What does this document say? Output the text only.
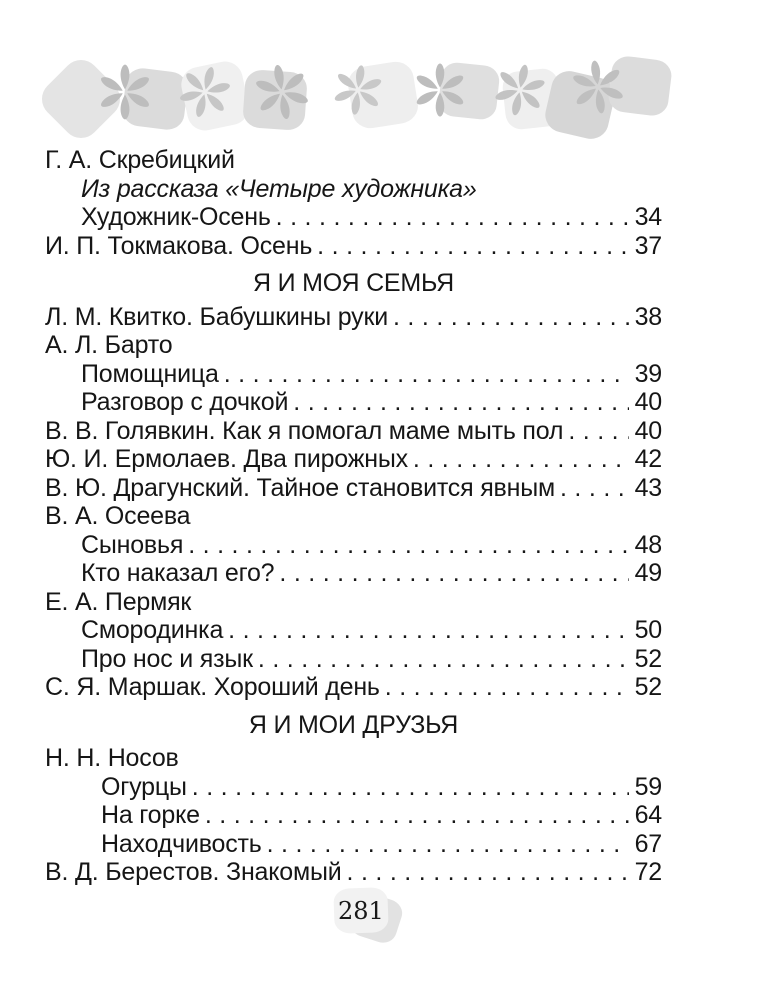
Г. А. Скребицкий
Из рассказа «Четыре художника»
Художник-Осень .....	34
И. П. Токмакова. Осень .....	37
Я И МОЯ СЕМЬЯ
Л. М. Квитко. Бабушкины руки .....	38
А. Л. Барто
Помощница .....	39
Разговор с дочкой .....	40
В. В. Голявкин. Как я помогал маме мыть пол .....	40
Ю. И. Ермолаев. Два пирожных .....	42
В. Ю. Драгунский. Тайное становится явным .....	43
В. А. Осеева
Сыновья .....	48
Кто наказал его? .....	49
Е. А. Пермяк
Смородинка .....	50
Про нос и язык .....	52
С. Я. Маршак. Хороший день .....	52
Я И МОИ ДРУЗЬЯ
Н. Н. Носов
Огурцы .....	59
На горке .....	64
Находчивость .....	67
В. Д. Берестов. Знакомый .....	72
281
